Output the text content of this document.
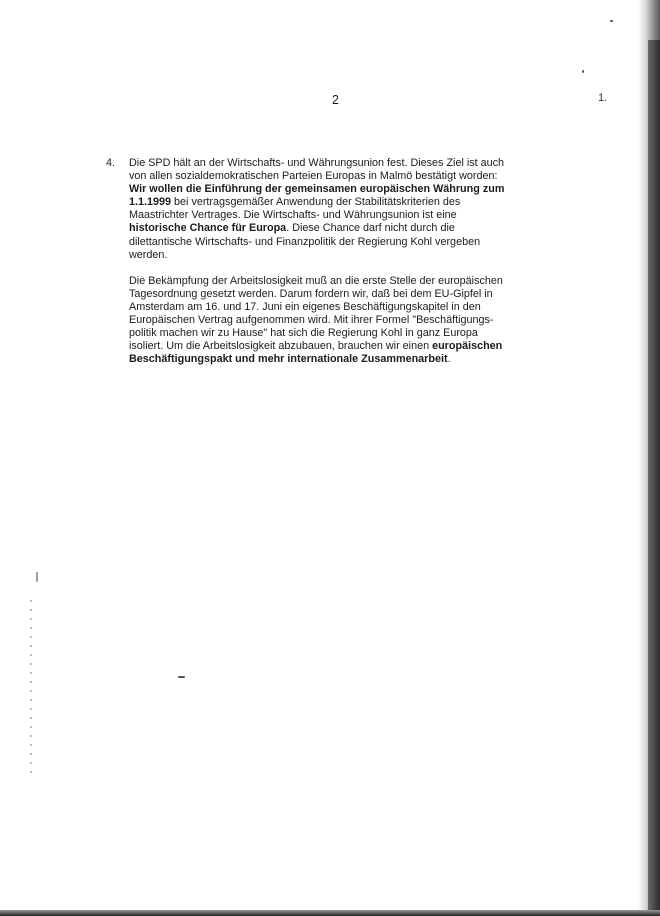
2
4. Die SPD hält an der Wirtschafts- und Währungsunion fest. Dieses Ziel ist auch
von allen sozialdemokratischen Parteien Europas in Malmö bestätigt worden:
Wir wollen die Einführung der gemeinsamen europäischen Währung zum
1.1.1999 bei vertragsgemäßer Anwendung der Stabilitätskriterien des
Maastrichter Vertrages. Die Wirtschafts- und Währungsunion ist eine
historische Chance für Europa. Diese Chance darf nicht durch die
dilettantische Wirtschafts- und Finanzpolitik der Regierung Kohl vergeben
werden.
Die Bekämpfung der Arbeitslosigkeit muß an die erste Stelle der europäischen
Tagesordnung gesetzt werden. Darum fordern wir, daß bei dem EU-Gipfel in
Amsterdam am 16. und 17. Juni ein eigenes Beschäftigungskapitel in den
Europäischen Vertrag aufgenommen wird. Mit ihrer Formel "Beschäftigungs-
politik machen wir zu Hause" hat sich die Regierung Kohl in ganz Europa
isoliert. Um die Arbeitslosigkeit abzubauen, brauchen wir einen europäischen
Beschäftigungspakt und mehr internationale Zusammenarbeit.
1.
